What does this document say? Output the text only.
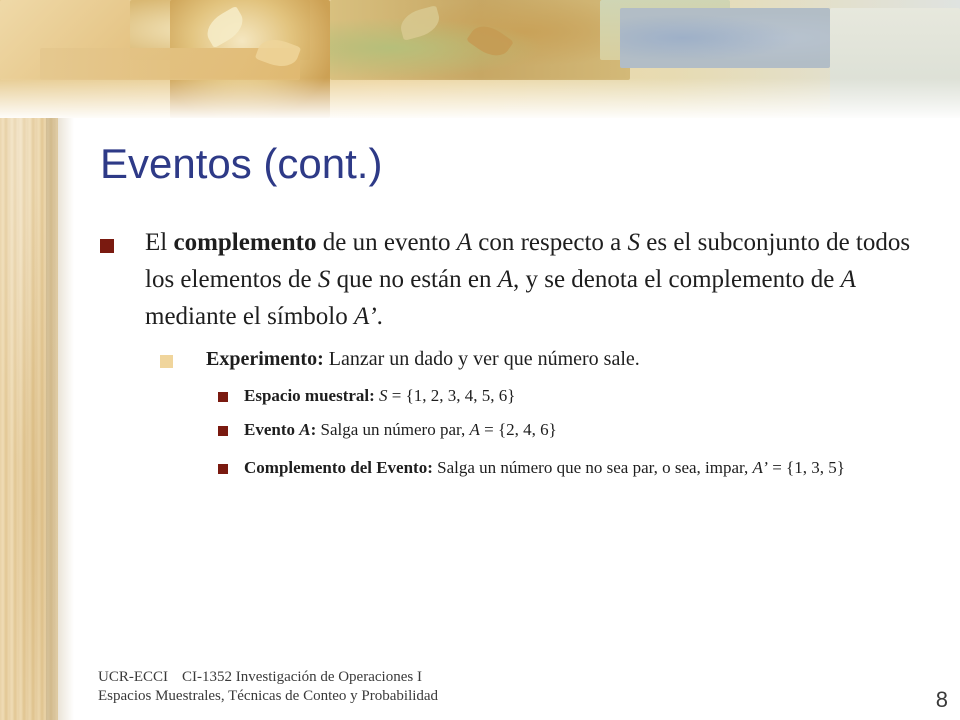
Eventos (cont.)
El complemento de un evento A con respecto a S es el subconjunto de todos los elementos de S que no están en A, y se denota el complemento de A mediante el símbolo A’.
Experimento: Lanzar un dado y ver que número sale.
Espacio muestral: S = {1, 2, 3, 4, 5, 6}
Evento A: Salga un número par, A = {2, 4, 6}
Complemento del Evento: Salga un número que no sea par, o sea, impar, A’ = {1, 3, 5}
UCR-ECCI CI-1352 Investigación de Operaciones I
Espacios Muestrales, Técnicas de Conteo y Probabilidad	8
